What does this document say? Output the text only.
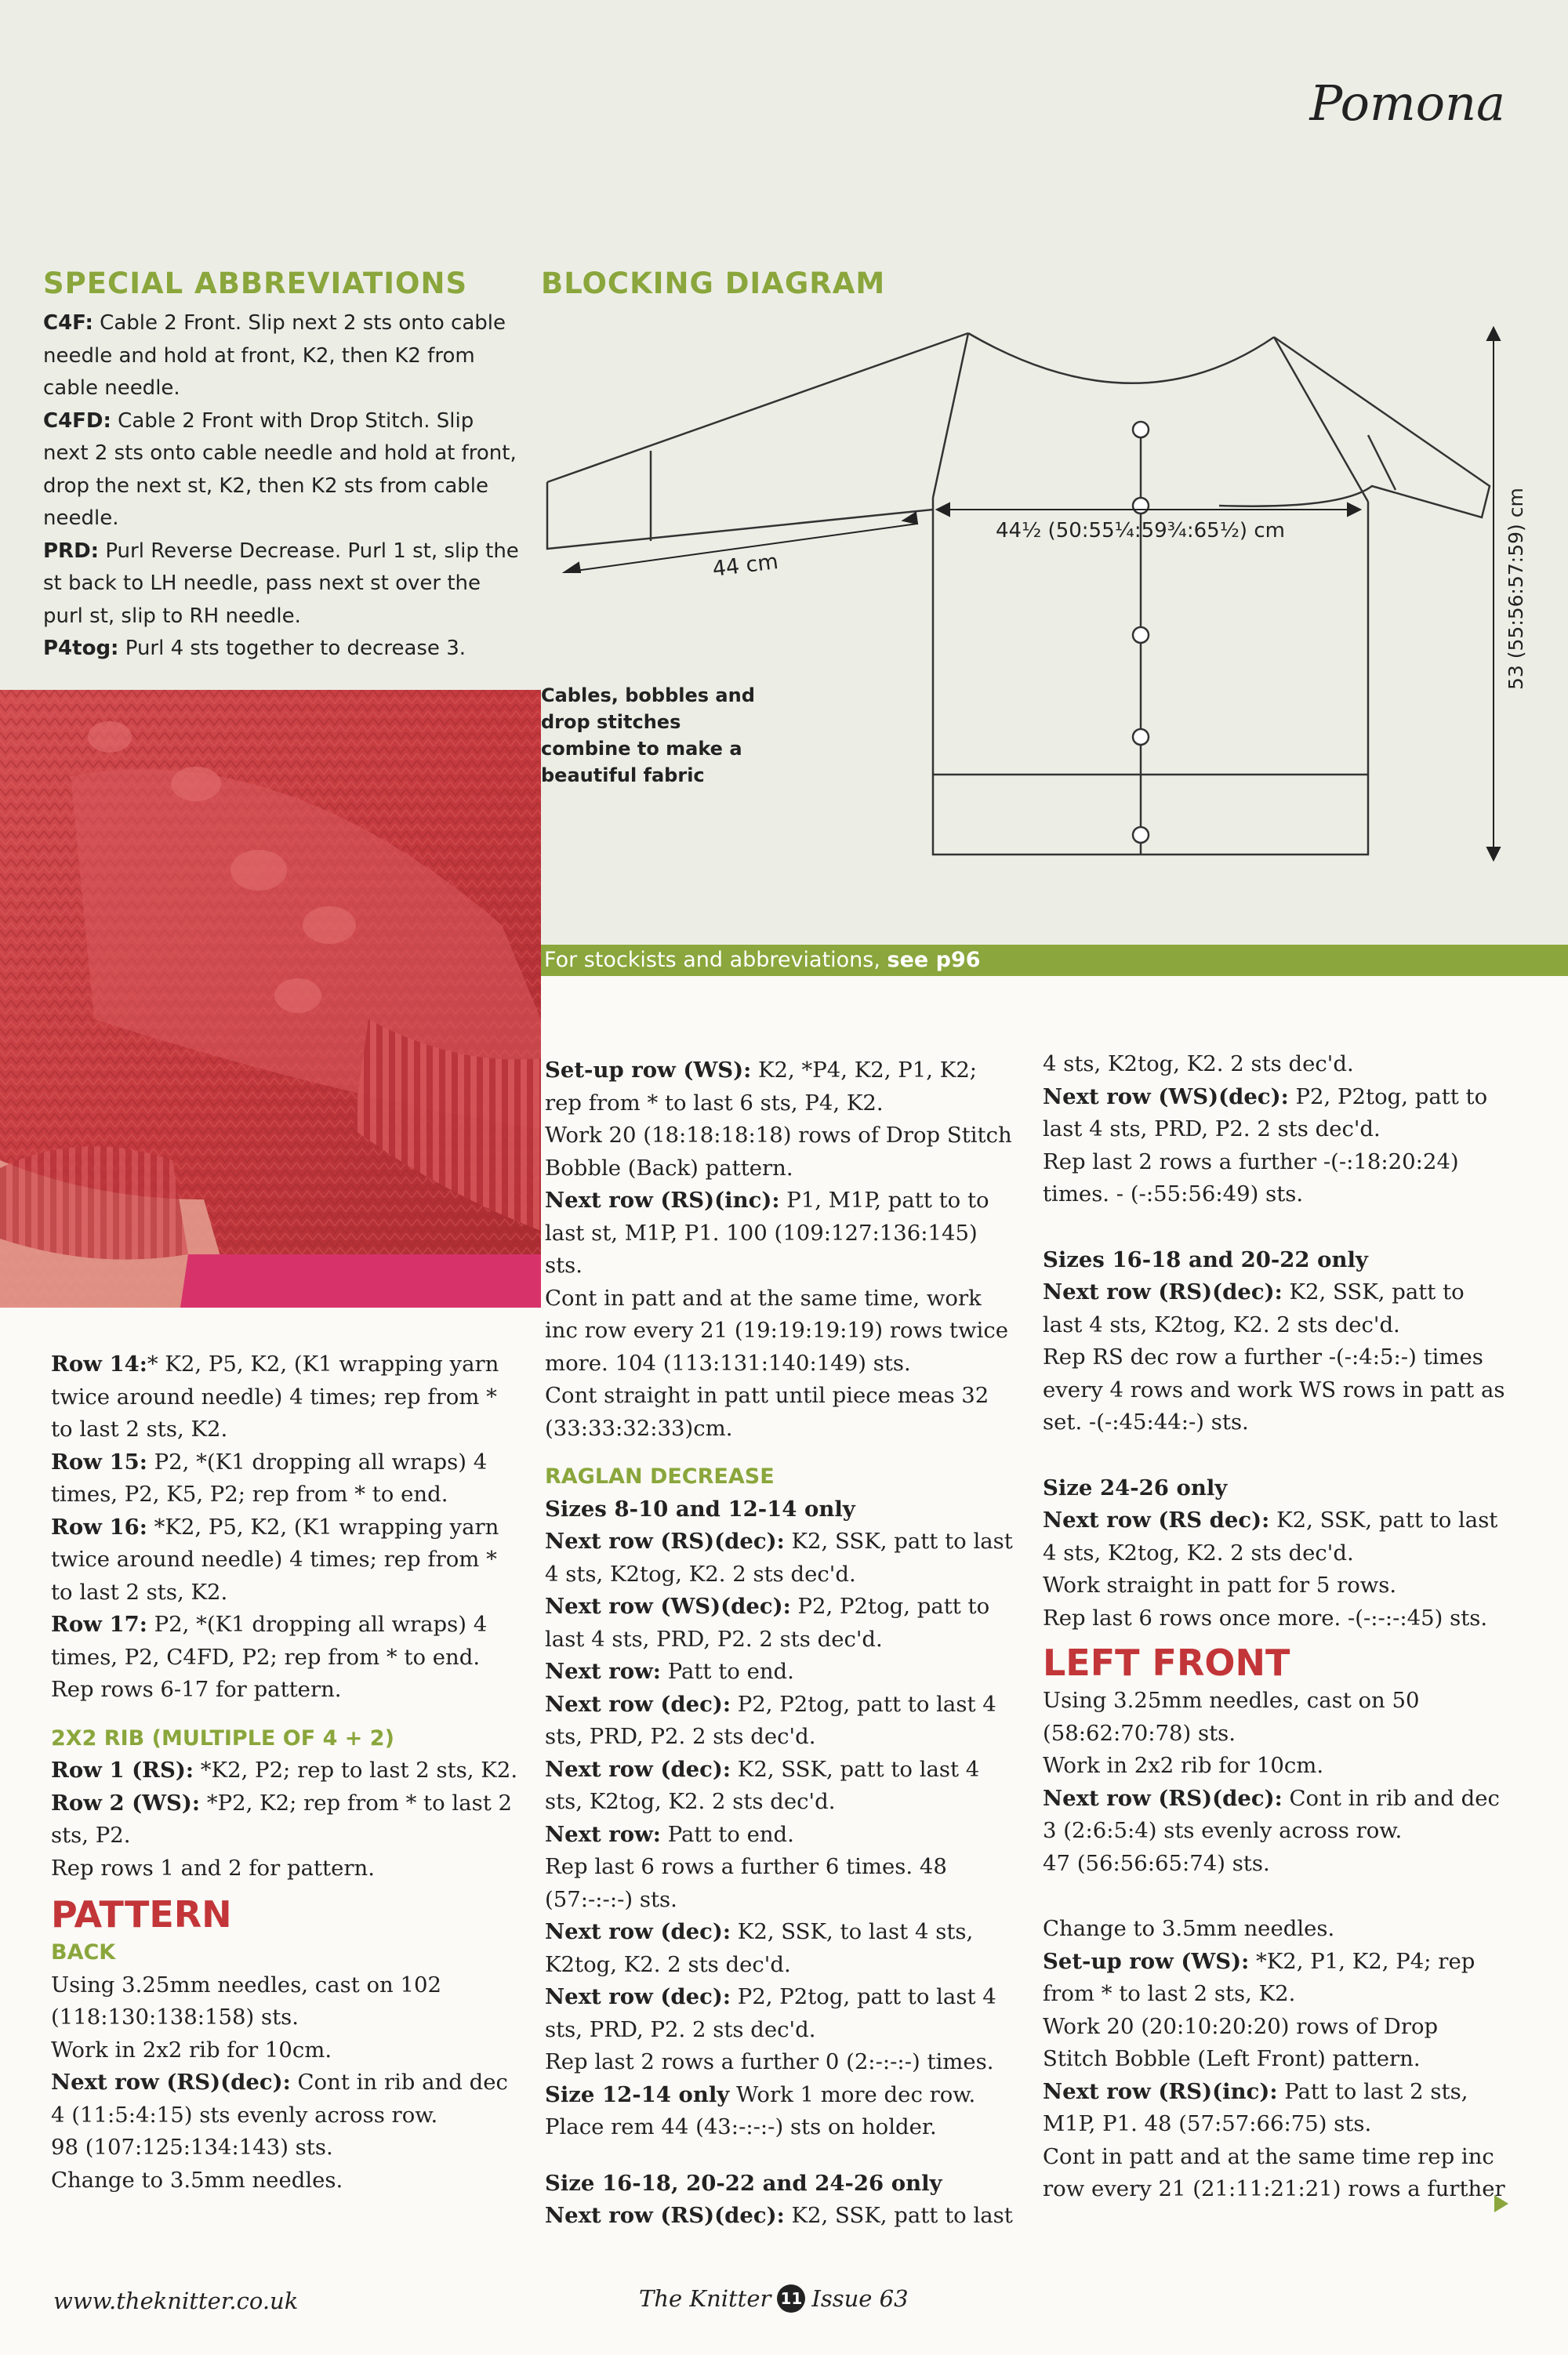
Pomona
SPECIAL ABBREVIATIONS

C4F: Cable 2 Front. Slip next 2 sts onto cable needle and hold at front, K2, then K2 from cable needle.

C4FD: Cable 2 Front with Drop Stitch. Slip next 2 sts onto cable needle and hold at front, drop the next st, K2, then K2 sts from cable needle.

PRD: Purl Reverse Decrease. Purl 1 st, slip the st back to LH needle, pass next st over the purl st, slip to RH needle.

P4tog: Purl 4 sts together to decrease 3.

BLOCKING DIAGRAM
44 cm
44½ (50:55¼:59¾:65½) cm	53 (55:56:57:59) cm
Cables, bobbles and drop stitches combine to make a beautiful fabric
For stockists and abbreviations, see p96

Row 14:* K2, P5, K2, (K1 wrapping yarn twice around needle) 4 times; rep from * to last 2 sts, K2.

Row 15: P2, *(K1 dropping all wraps) 4 times, P2, K5, P2; rep from * to end.

Row 16: *K2, P5, K2, (K1 wrapping yarn twice around needle) 4 times; rep from * to last 2 sts, K2.

Row 17: P2, *(K1 dropping all wraps) 4 times, P2, C4FD, P2; rep from * to end.

Rep rows 6-17 for pattern.

2X2 RIB (MULTIPLE OF 4 + 2)

Row 1 (RS): *K2, P2; rep to last 2 sts, K2.

Row 2 (WS): *P2, K2; rep from * to last 2 sts, P2.

Rep rows 1 and 2 for pattern.

PATTERN

BACK

Using 3.25mm needles, cast on 102 (118:130:138:158) sts.

Work in 2x2 rib for 10cm.

Next row (RS)(dec): Cont in rib and dec 4 (11:5:4:15) sts evenly across row.

98 (107:125:134:143) sts.

Change to 3.5mm needles.

Set-up row (WS): K2, *P4, K2, P1, K2; rep from * to last 6 sts, P4, K2.

Work 20 (18:18:18:18) rows of Drop Stitch Bobble (Back) pattern.

Next row (RS)(inc): P1, M1P, patt to to last st, M1P, P1. 100 (109:127:136:145) sts.

Cont in patt and at the same time, work inc row every 21 (19:19:19:19) rows twice more. 104 (113:131:140:149) sts.

Cont straight in patt until piece meas 32 (33:33:32:33)cm.

RAGLAN DECREASE

Sizes 8-10 and 12-14 only

Next row (RS)(dec): K2, SSK, patt to last 4 sts, K2tog, K2. 2 sts dec'd.

Next row (WS)(dec): P2, P2tog, patt to last 4 sts, PRD, P2. 2 sts dec'd.

Next row: Patt to end.

Next row (dec): P2, P2tog, patt to last 4 sts, PRD, P2. 2 sts dec'd.

Next row (dec): K2, SSK, patt to last 4 sts, K2tog, K2. 2 sts dec'd.

Next row: Patt to end.

Rep last 6 rows a further 6 times. 48 (57:-:-:-) sts.

Next row (dec): K2, SSK, to last 4 sts, K2tog, K2. 2 sts dec'd.

Next row (dec): P2, P2tog, patt to last 4 sts, PRD, P2. 2 sts dec'd.

Rep last 2 rows a further 0 (2:-:-:-) times.

Size 12-14 only Work 1 more dec row.

Place rem 44 (43:-:-:-) sts on holder.

Size 16-18, 20-22 and 24-26 only

Next row (RS)(dec): K2, SSK, patt to last

4 sts, K2tog, K2. 2 sts dec'd.

Next row (WS)(dec): P2, P2tog, patt to last 4 sts, PRD, P2. 2 sts dec'd.

Rep last 2 rows a further -(-:18:20:24) times. - (-:55:56:49) sts.

Sizes 16-18 and 20-22 only

Next row (RS)(dec): K2, SSK, patt to last 4 sts, K2tog, K2. 2 sts dec'd.

Rep RS dec row a further -(-:4:5:-) times every 4 rows and work WS rows in patt as set. -(-:45:44:-) sts.

Size 24-26 only

Next row (RS dec): K2, SSK, patt to last 4 sts, K2tog, K2. 2 sts dec'd.

Work straight in patt for 5 rows.

Rep last 6 rows once more. -(-:-:-:45) sts.

LEFT FRONT

Using 3.25mm needles, cast on 50 (58:62:70:78) sts.

Work in 2x2 rib for 10cm.

Next row (RS)(dec): Cont in rib and dec 3 (2:6:5:4) sts evenly across row.

47 (56:56:65:74) sts.

Change to 3.5mm needles.

Set-up row (WS): *K2, P1, K2, P4; rep from * to last 2 sts, K2.

Work 20 (20:10:20:20) rows of Drop Stitch Bobble (Left Front) pattern.

Next row (RS)(inc): Patt to last 2 sts, M1P, P1. 48 (57:57:66:75) sts.

Cont in patt and at the same time rep inc row every 21 (21:11:21:21) rows a further

www.theknitter.co.uk	The Knitter 11 Issue 63
